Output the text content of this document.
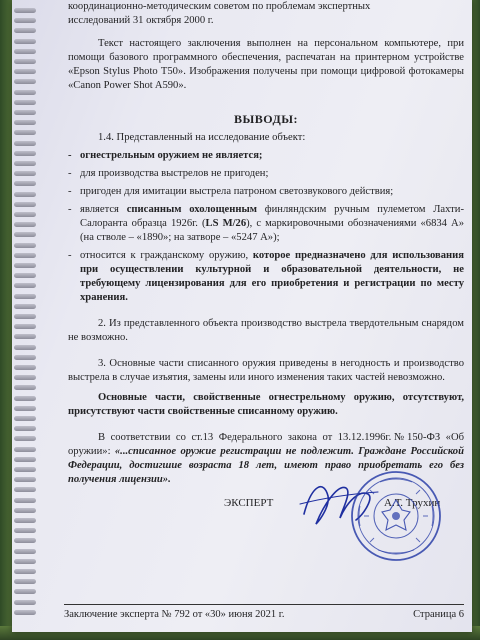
координационно-методическим советом по проблемам экспертных

исследований 31 октября 2000 г.

Текст настоящего заключения выполнен на персональном компьютере, при помощи базового программного обеспечения, распечатан на принтерном устройстве «Epson Stylus Photo T50». Изображения получены при помощи цифровой фотокамеры «Canon Power Shot A590».

ВЫВОДЫ:

1.4. Представленный на исследование объект:

- огнестрельным оружием не является;

- для производства выстрелов не пригоден;

- пригоден для имитации выстрела патроном светозвукового действия;

- является списанным охолощенным финляндским ручным пулеметом Лахти-Салоранта образца 1926г. (LS M/26), с маркировочными обозначениями «6834 А» (на стволе – «1890»; на затворе – «5247 А»);

- относится к гражданскому оружию, которое предназначено для использования при осуществлении культурной и образовательной деятельности, не требующему лицензирования для его приобретения и регистрации по месту хранения.

2. Из представленного объекта производство выстрела твердотельным снарядом не возможно.

3. Основные части списанного оружия приведены в негодность и производство выстрела в случае изъятия, замены или иного изменения таких частей невозможно.

Основные части, свойственные огнестрельному оружию, отсутствуют, присутствуют части свойственные списанному оружию.

В соответствии со ст.13 Федерального закона от 13.12.1996г.№150-ФЗ «Об оружии»: «...списанное оружие регистрации не подлежит. Граждане Российской Федерации, достигшие возраста 18 лет, имеют право приобретать его без получения лицензии».

ЭКСПЕРТ	А.Т. Трухин
Заключение эксперта № 792 от «30» июня 2021 г.	Страница 6
